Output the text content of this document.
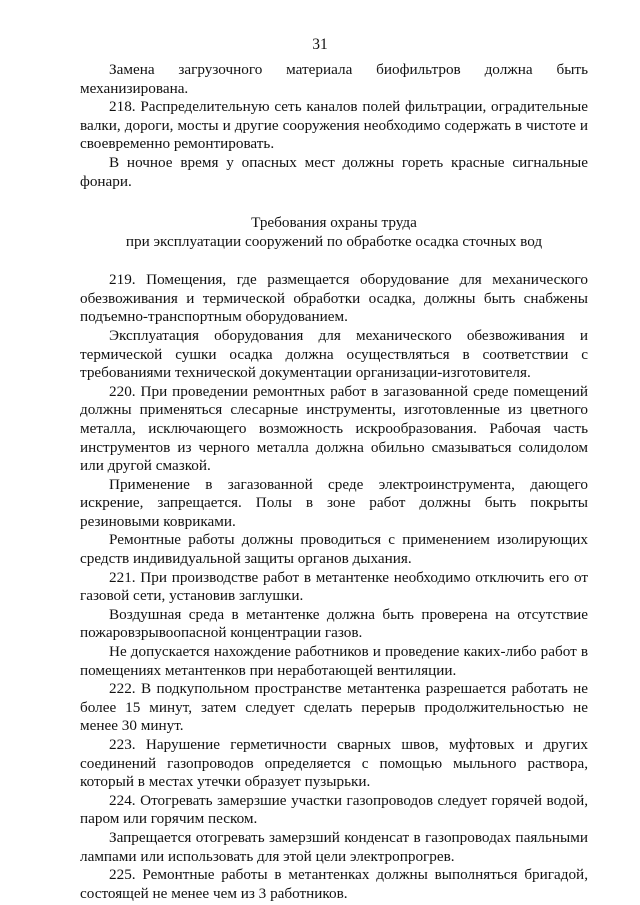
31

Замена загрузочного материала биофильтров должна быть механизирована.

218. Распределительную сеть каналов полей фильтрации, оградительные валки, дороги, мосты и другие сооружения необходимо содержать в чистоте и своевременно ремонтировать.

В ночное время у опасных мест должны гореть красные сигнальные фонари.

Требования охраны труда
при эксплуатации сооружений по обработке осадка сточных вод

219. Помещения, где размещается оборудование для механического обезвоживания и термической обработки осадка, должны быть снабжены подъемно-транспортным оборудованием.

Эксплуатация оборудования для механического обезвоживания и термической сушки осадка должна осуществляться в соответствии с требованиями технической документации организации-изготовителя.

220. При проведении ремонтных работ в загазованной среде помещений должны применяться слесарные инструменты, изготовленные из цветного металла, исключающего возможность искрообразования. Рабочая часть инструментов из черного металла должна обильно смазываться солидолом или другой смазкой.

Применение в загазованной среде электроинструмента, дающего искрение, запрещается. Полы в зоне работ должны быть покрыты резиновыми ковриками.

Ремонтные работы должны проводиться с применением изолирующих средств индивидуальной защиты органов дыхания.

221. При производстве работ в метантенке необходимо отключить его от газовой сети, установив заглушки.

Воздушная среда в метантенке должна быть проверена на отсутствие пожаровзрывоопасной концентрации газов.

Не допускается нахождение работников и проведение каких-либо работ в помещениях метантенков при неработающей вентиляции.

222. В подкупольном пространстве метантенка разрешается работать не более 15 минут, затем следует сделать перерыв продолжительностью не менее 30 минут.

223. Нарушение герметичности сварных швов, муфтовых и других соединений газопроводов определяется с помощью мыльного раствора, который в местах утечки образует пузырьки.

224. Отогревать замерзшие участки газопроводов следует горячей водой, паром или горячим песком.

Запрещается отогревать замерзший конденсат в газопроводах паяльными лампами или использовать для этой цели электропрогрев.

225. Ремонтные работы в метантенках должны выполняться бригадой, состоящей не менее чем из 3 работников.
